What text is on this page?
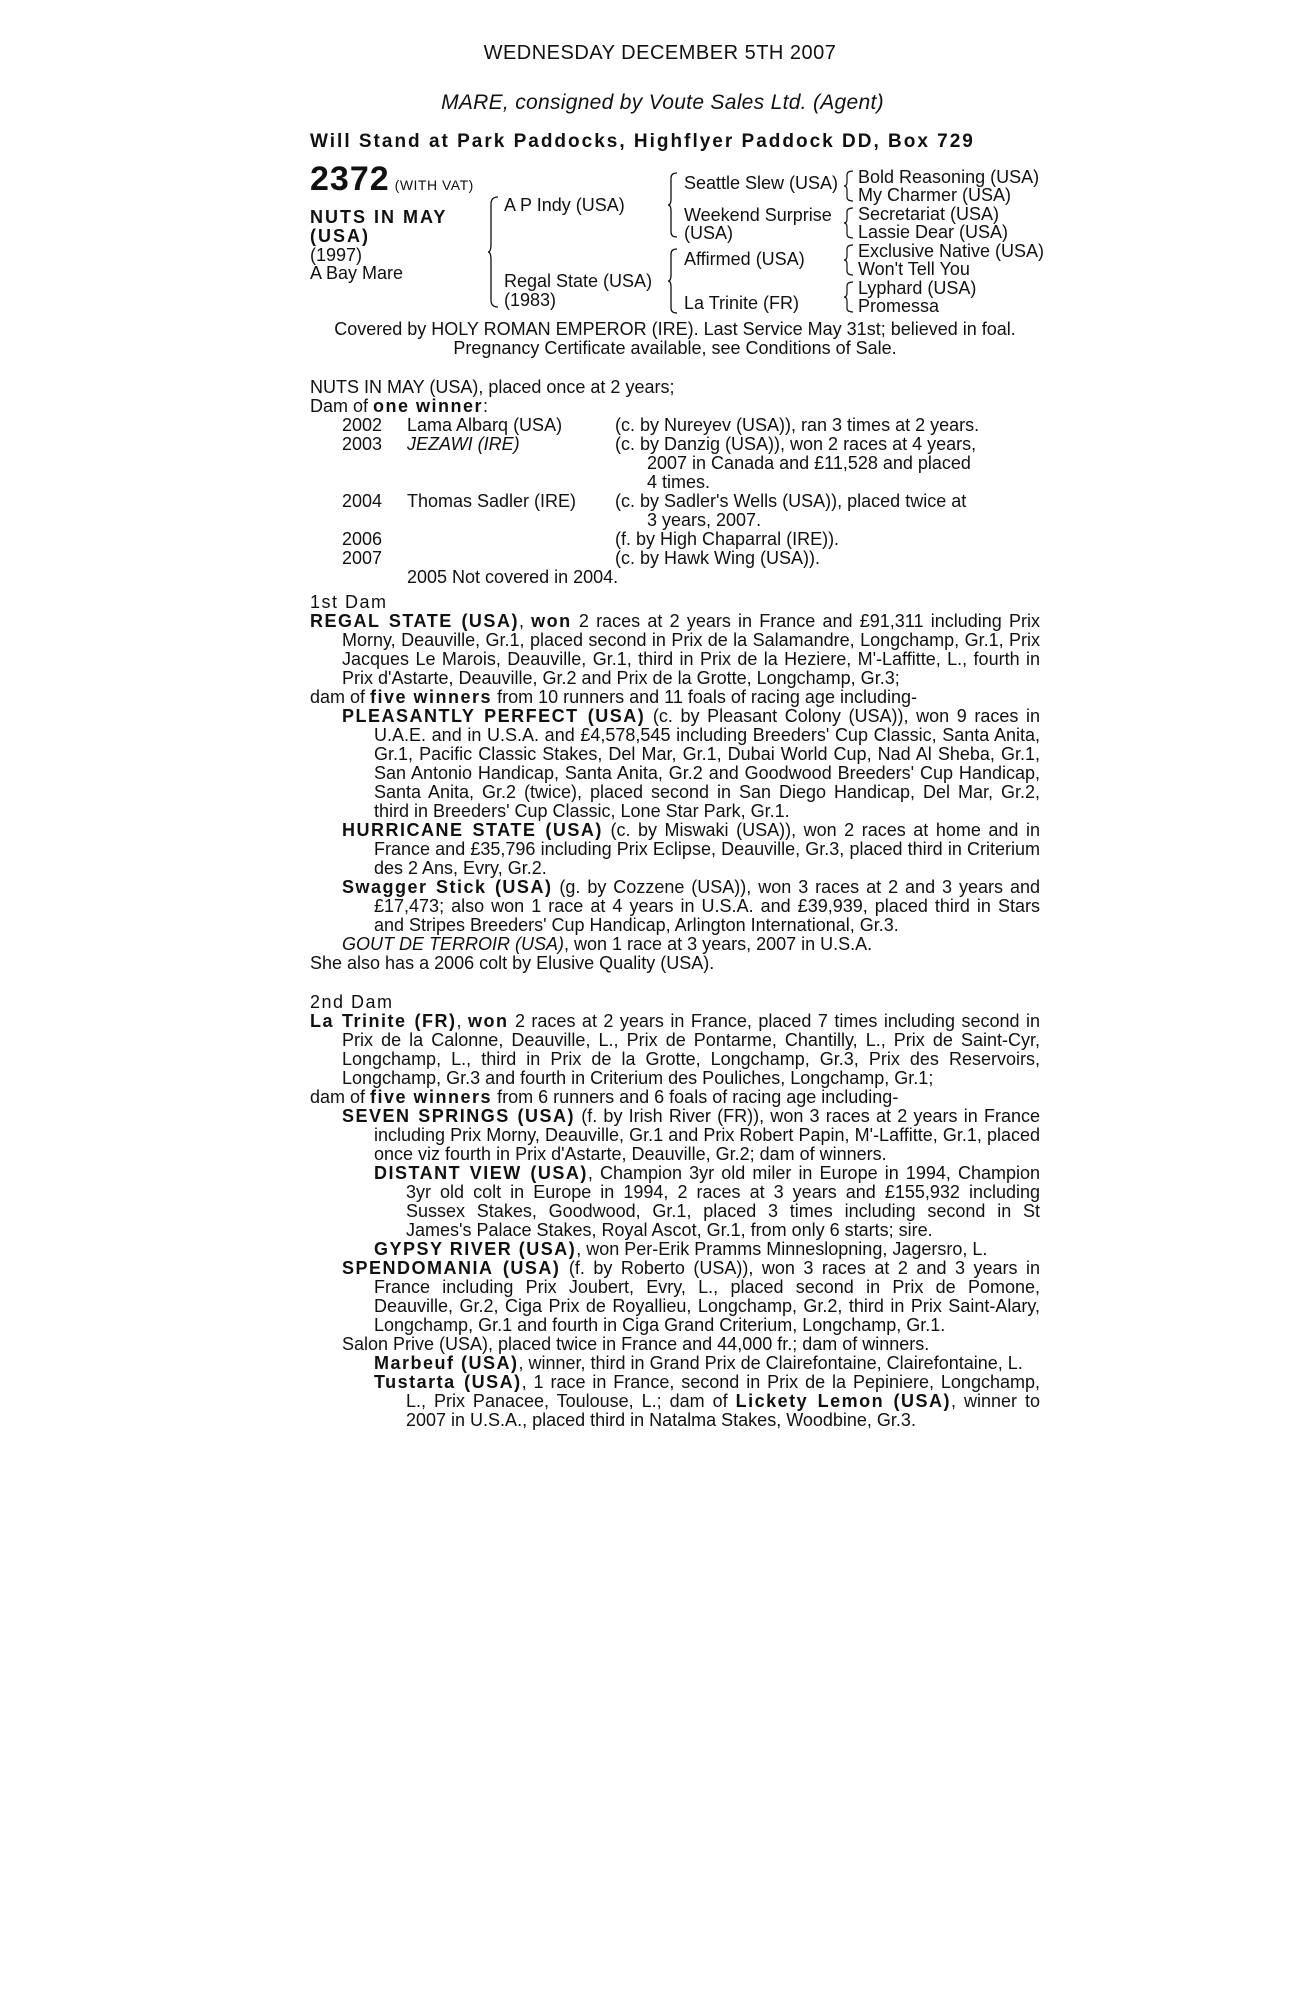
WEDNESDAY DECEMBER 5TH 2007
MARE, consigned by Voute Sales Ltd. (Agent)
Will Stand at Park Paddocks, Highflyer Paddock DD, Box 729
2372 (WITH VAT)
NUTS IN MAY
(USA)
(1997)
A Bay Mare
A P Indy (USA)
Regal State (USA)
(1983)
Seattle Slew (USA)
Weekend Surprise
(USA)
Affirmed (USA)
La Trinite (FR)
Bold Reasoning (USA)
My Charmer (USA)
Secretariat (USA)
Lassie Dear (USA)
Exclusive Native (USA)
Won't Tell You
Lyphard (USA)
Promessa
Covered by HOLY ROMAN EMPEROR (IRE). Last Service May 31st; believed in foal.
Pregnancy Certificate available, see Conditions of Sale.
NUTS IN MAY (USA), placed once at 2 years;
Dam of one winner:
2002	Lama Albarq (USA)	(c. by Nureyev (USA)), ran 3 times at 2 years.

2003	JEZAWI (IRE)	(c. by Danzig (USA)), won 2 races at 4 years,
2007 in Canada and £11,528 and placed
4 times.

2004	Thomas Sadler (IRE)	(c. by Sadler's Wells (USA)), placed twice at
3 years, 2007.

2006		(f. by High Chaparral (IRE)).

2007		(c. by Hawk Wing (USA)).
2005 Not covered in 2004.
1st Dam
REGAL STATE (USA), won 2 races at 2 years in France and £91,311 including Prix Morny, Deauville, Gr.1, placed second in Prix de la Salamandre, Longchamp, Gr.1, Prix Jacques Le Marois, Deauville, Gr.1, third in Prix de la Heziere, M'-Laffitte, L., fourth in Prix d'Astarte, Deauville, Gr.2 and Prix de la Grotte, Longchamp, Gr.3;
dam of five winners from 10 runners and 11 foals of racing age including-
PLEASANTLY PERFECT (USA) (c. by Pleasant Colony (USA)), won 9 races in U.A.E. and in U.S.A. and £4,578,545 including Breeders' Cup Classic, Santa Anita, Gr.1, Pacific Classic Stakes, Del Mar, Gr.1, Dubai World Cup, Nad Al Sheba, Gr.1, San Antonio Handicap, Santa Anita, Gr.2 and Goodwood Breeders' Cup Handicap, Santa Anita, Gr.2 (twice), placed second in San Diego Handicap, Del Mar, Gr.2, third in Breeders' Cup Classic, Lone Star Park, Gr.1.
HURRICANE STATE (USA) (c. by Miswaki (USA)), won 2 races at home and in France and £35,796 including Prix Eclipse, Deauville, Gr.3, placed third in Criterium des 2 Ans, Evry, Gr.2.
Swagger Stick (USA) (g. by Cozzene (USA)), won 3 races at 2 and 3 years and £17,473; also won 1 race at 4 years in U.S.A. and £39,939, placed third in Stars and Stripes Breeders' Cup Handicap, Arlington International, Gr.3.
GOUT DE TERROIR (USA), won 1 race at 3 years, 2007 in U.S.A.
She also has a 2006 colt by Elusive Quality (USA).
2nd Dam
La Trinite (FR), won 2 races at 2 years in France, placed 7 times including second in Prix de la Calonne, Deauville, L., Prix de Pontarme, Chantilly, L., Prix de Saint-Cyr, Longchamp, L., third in Prix de la Grotte, Longchamp, Gr.3, Prix des Reservoirs, Longchamp, Gr.3 and fourth in Criterium des Pouliches, Longchamp, Gr.1;
dam of five winners from 6 runners and 6 foals of racing age including-
SEVEN SPRINGS (USA) (f. by Irish River (FR)), won 3 races at 2 years in France including Prix Morny, Deauville, Gr.1 and Prix Robert Papin, M'-Laffitte, Gr.1, placed once viz fourth in Prix d'Astarte, Deauville, Gr.2; dam of winners.
DISTANT VIEW (USA), Champion 3yr old miler in Europe in 1994, Champion 3yr old colt in Europe in 1994, 2 races at 3 years and £155,932 including Sussex Stakes, Goodwood, Gr.1, placed 3 times including second in St James's Palace Stakes, Royal Ascot, Gr.1, from only 6 starts; sire.
GYPSY RIVER (USA), won Per-Erik Pramms Minneslopning, Jagersro, L.
SPENDOMANIA (USA) (f. by Roberto (USA)), won 3 races at 2 and 3 years in France including Prix Joubert, Evry, L., placed second in Prix de Pomone, Deauville, Gr.2, Ciga Prix de Royallieu, Longchamp, Gr.2, third in Prix Saint-Alary, Longchamp, Gr.1 and fourth in Ciga Grand Criterium, Longchamp, Gr.1.
Salon Prive (USA), placed twice in France and 44,000 fr.; dam of winners.
Marbeuf (USA), winner, third in Grand Prix de Clairefontaine, Clairefontaine, L.
Tustarta (USA), 1 race in France, second in Prix de la Pepiniere, Longchamp, L., Prix Panacee, Toulouse, L.; dam of Lickety Lemon (USA), winner to 2007 in U.S.A., placed third in Natalma Stakes, Woodbine, Gr.3.
